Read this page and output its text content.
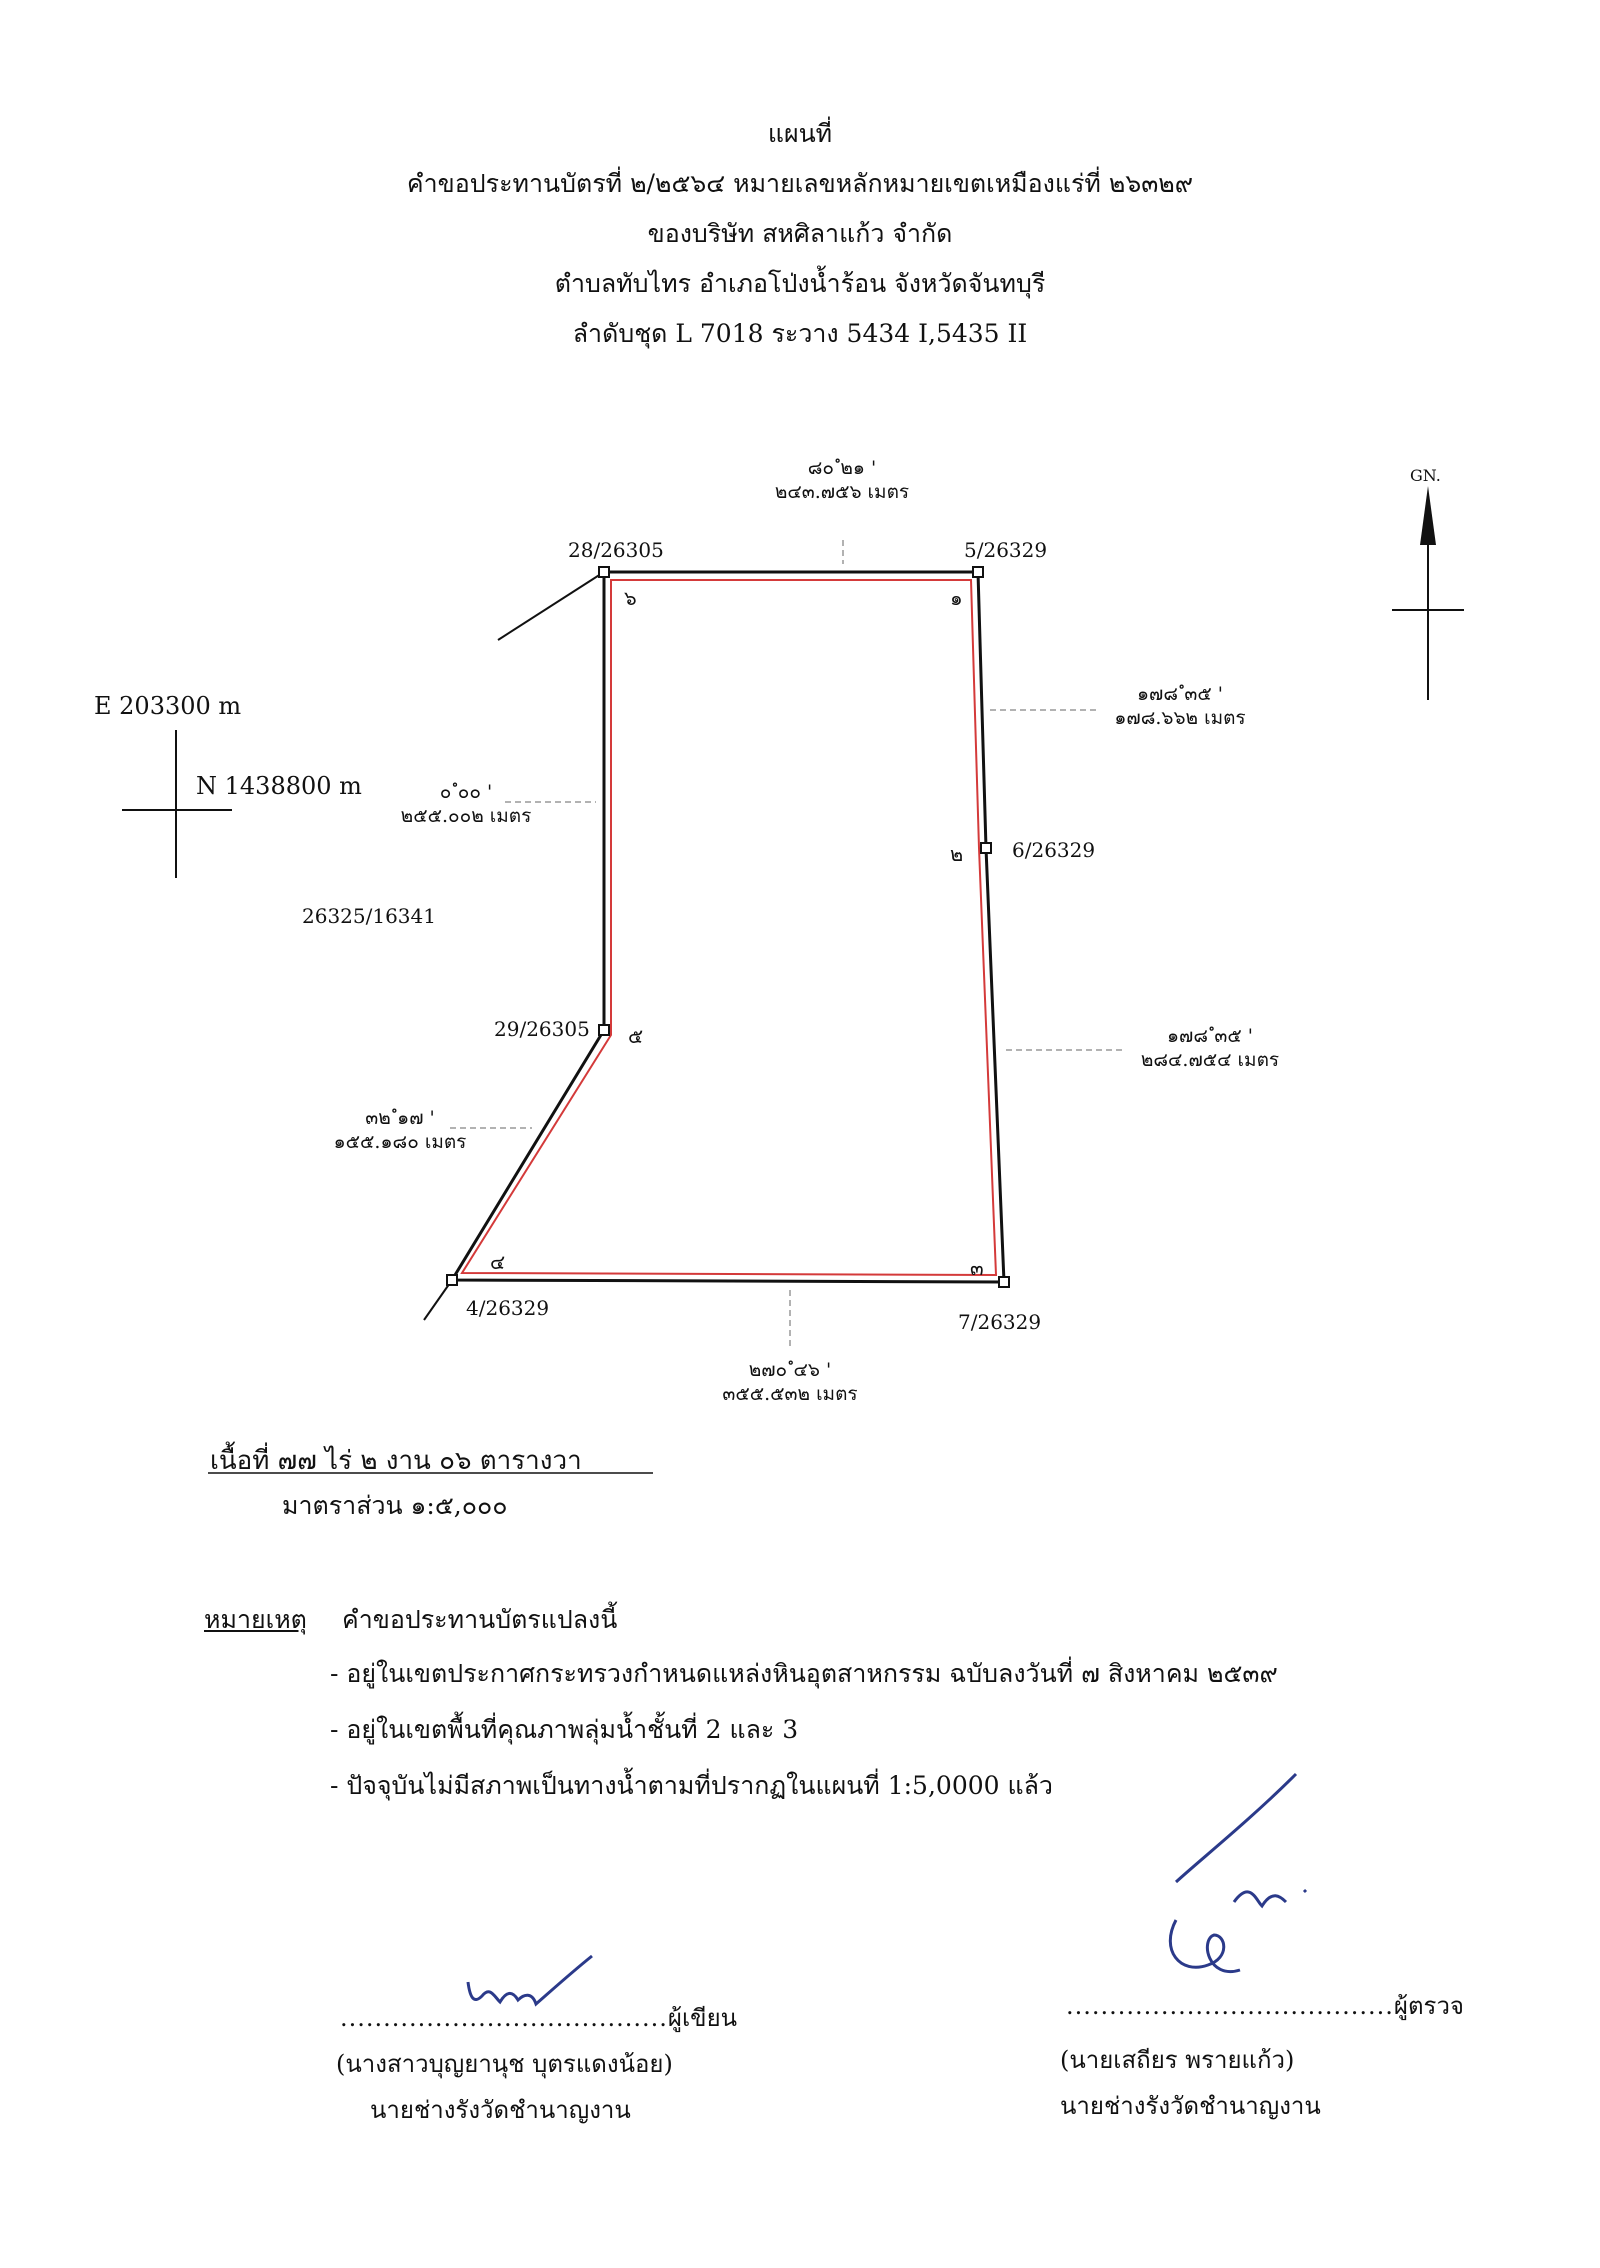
แผนที่
คำขอประทานบัตรที่ ๒/๒๕๖๔ หมายเลขหลักหมายเขตเหมืองแร่ที่ ๒๖๓๒๙
ของบริษัท สหศิลาแก้ว จำกัด
ตำบลทับไทร อำเภอโป่งน้ำร้อน จังหวัดจันทบุรี
ลำดับชุด L 7018 ระวาง 5434 I,5435 II
GN.
E 203300 m
N 1438800 m
26325/16341
28/26305	5/26329
6/26329
29/26305
4/26329
7/26329
๖	๑
๒
๕
๔	๓
๘๐ ํ๒๑ '
๒๔๓.๗๕๖ เมตร
๑๗๘ ํ๓๕ '
๑๗๘.๖๖๒ เมตร
๐ ํ๐๐ '
๒๕๕.๐๐๒ เมตร
๑๗๘ ํ๓๕ '
๒๘๔.๗๕๔ เมตร
๓๒ ํ๑๗ '
๑๕๕.๑๘๐ เมตร
๒๗๐ ํ๔๖ '
๓๕๕.๕๓๒ เมตร
เนื้อที่ ๗๗ ไร่ ๒ งาน ๐๖ ตารางวา
มาตราส่วน ๑:๕,๐๐๐
หมายเหตุ คำขอประทานบัตรแปลงนี้
- อยู่ในเขตประกาศกระทรวงกำหนดแหล่งหินอุตสาหกรรม ฉบับลงวันที่ ๗ สิงหาคม ๒๕๓๙
- อยู่ในเขตพื้นที่คุณภาพลุ่มน้ำชั้นที่ 2 และ 3
- ปัจจุบันไม่มีสภาพเป็นทางน้ำตามที่ปรากฏในแผนที่ 1:5,0000 แล้ว
......................................ผู้เขียน
(นางสาวบุญยานุช บุตรแดงน้อย)
นายช่างรังวัดชำนาญงาน
......................................ผู้ตรวจ
(นายเสถียร พรายแก้ว)
นายช่างรังวัดชำนาญงาน
